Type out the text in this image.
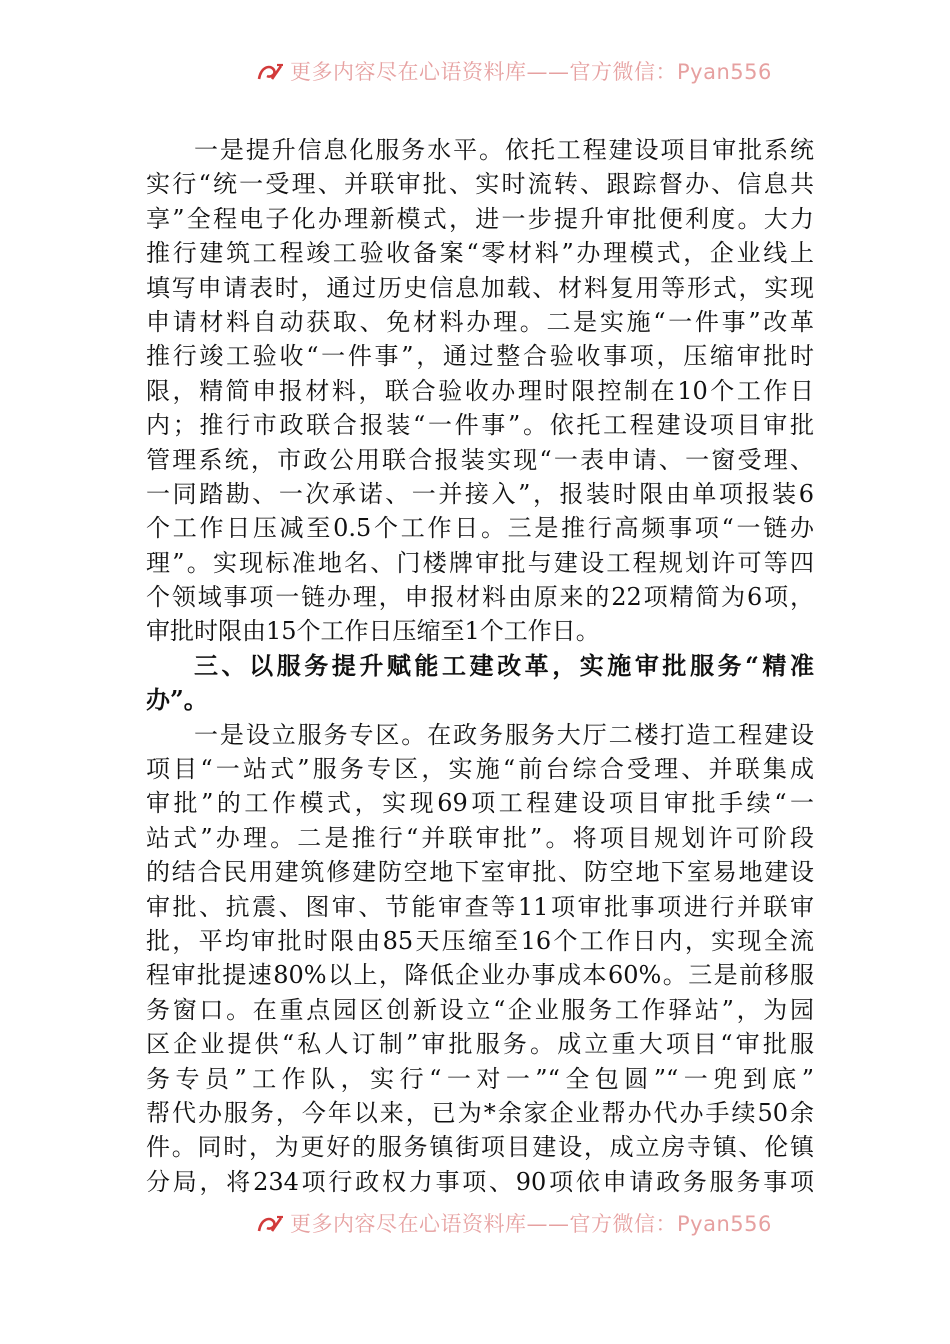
更多内容尽在心语资料库——官方微信：Pyan556
一是提升信息化服务水平。依托工程建设项目审批系统
实行“统一受理、并联审批、实时流转、跟踪督办、信息共
享”全程电子化办理新模式，进一步提升审批便利度。大力
推行建筑工程竣工验收备案“零材料”办理模式，企业线上
填写申请表时，通过历史信息加载、材料复用等形式，实现
申请材料自动获取、免材料办理。二是实施“一件事”改革
推行竣工验收“一件事”，通过整合验收事项，压缩审批时
限，精简申报材料，联合验收办理时限控制在10个工作日
内；推行市政联合报装“一件事”。依托工程建设项目审批
管理系统，市政公用联合报装实现“一表申请、一窗受理、
一同踏勘、一次承诺、一并接入”，报装时限由单项报装6
个工作日压减至0.5个工作日。三是推行高频事项“一链办
理”。实现标准地名、门楼牌审批与建设工程规划许可等四
个领域事项一链办理，申报材料由原来的22项精简为6项，
审批时限由15个工作日压缩至1个工作日。
三、以服务提升赋能工建改革，实施审批服务“精准
办”。
一是设立服务专区。在政务服务大厅二楼打造工程建设
项目“一站式”服务专区，实施“前台综合受理、并联集成
审批”的工作模式，实现69项工程建设项目审批手续“一
站式”办理。二是推行“并联审批”。将项目规划许可阶段
的结合民用建筑修建防空地下室审批、防空地下室易地建设
审批、抗震、图审、节能审查等11项审批事项进行并联审
批，平均审批时限由85天压缩至16个工作日内，实现全流
程审批提速80%以上，降低企业办事成本60%。三是前移服
务窗口。在重点园区创新设立“企业服务工作驿站”，为园
区企业提供“私人订制”审批服务。成立重大项目“审批服
务专员”工作队，实行“一对一”“全包圆”“一兜到底”
帮代办服务，今年以来，已为*余家企业帮办代办手续50余
件。同时，为更好的服务镇街项目建设，成立房寺镇、伦镇
分局，将234项行政权力事项、90项依申请政务服务事项
更多内容尽在心语资料库——官方微信：Pyan556
